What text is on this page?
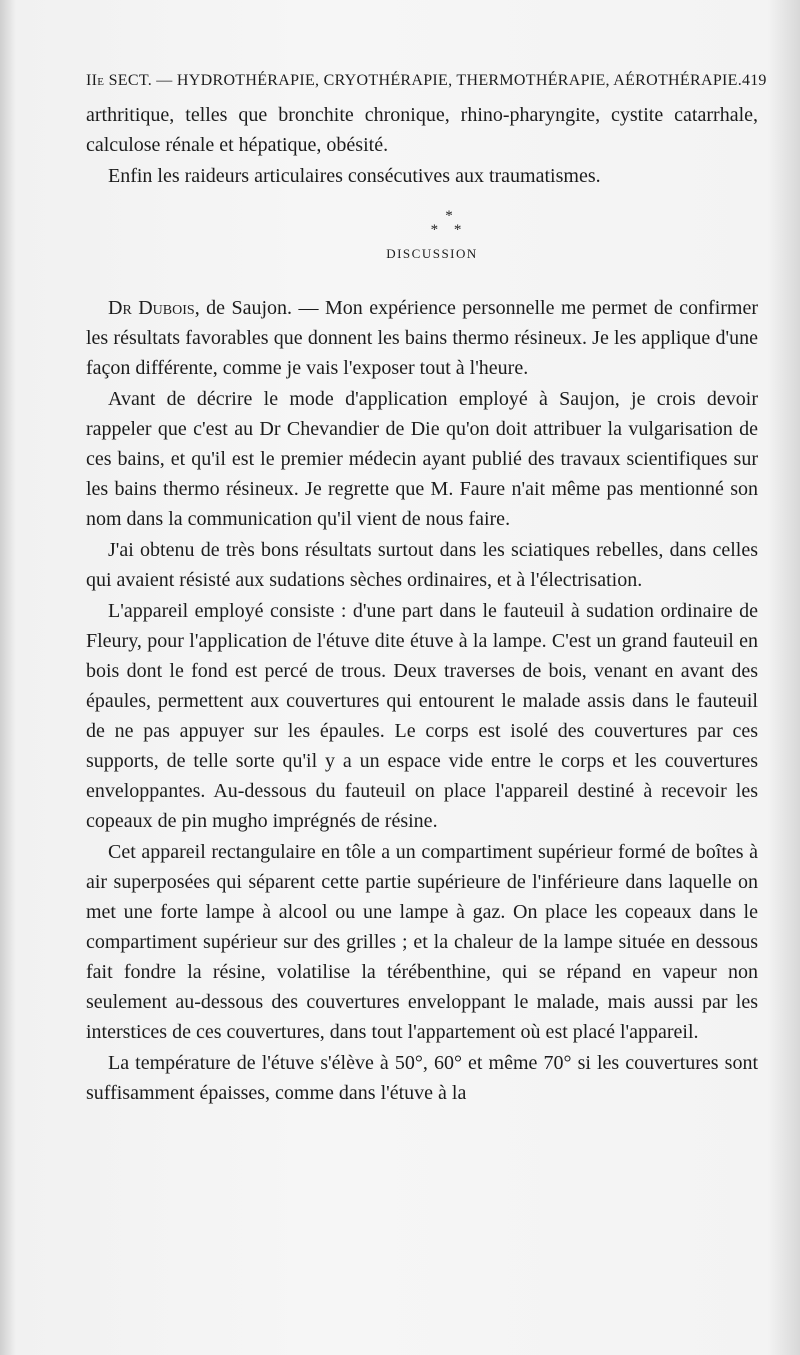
IIe SECT. — HYDROTHÉRAPIE, CRYOTHÉRAPIE, THERMOTHÉRAPIE, AÉROTHÉRAPIE. 419

arthritique, telles que bronchite chronique, rhino-pharyngite, cystite catarrhale, calculose rénale et hépatique, obésité.

Enfin les raideurs articulaires consécutives aux traumatismes.

*
* *
DISCUSSION

Dr Dubois, de Saujon. — Mon expérience personnelle me permet de confirmer les résultats favorables que donnent les bains thermo résineux. Je les applique d'une façon différente, comme je vais l'exposer tout à l'heure.

Avant de décrire le mode d'application employé à Saujon, je crois devoir rappeler que c'est au Dr Chevandier de Die qu'on doit attribuer la vulgarisation de ces bains, et qu'il est le premier médecin ayant publié des travaux scientifiques sur les bains thermo résineux. Je regrette que M. Faure n'ait même pas mentionné son nom dans la communication qu'il vient de nous faire.

J'ai obtenu de très bons résultats surtout dans les sciatiques rebelles, dans celles qui avaient résisté aux sudations sèches ordinaires, et à l'électrisation.

L'appareil employé consiste : d'une part dans le fauteuil à sudation ordinaire de Fleury, pour l'application de l'étuve dite étuve à la lampe. C'est un grand fauteuil en bois dont le fond est percé de trous. Deux traverses de bois, venant en avant des épaules, permettent aux couvertures qui entourent le malade assis dans le fauteuil de ne pas appuyer sur les épaules. Le corps est isolé des couvertures par ces supports, de telle sorte qu'il y a un espace vide entre le corps et les couvertures enveloppantes. Au-dessous du fauteuil on place l'appareil destiné à recevoir les copeaux de pin mugho imprégnés de résine.

Cet appareil rectangulaire en tôle a un compartiment supérieur formé de boîtes à air superposées qui séparent cette partie supérieure de l'inférieure dans laquelle on met une forte lampe à alcool ou une lampe à gaz. On place les copeaux dans le compartiment supérieur sur des grilles ; et la chaleur de la lampe située en dessous fait fondre la résine, volatilise la térébenthine, qui se répand en vapeur non seulement au-dessous des couvertures enveloppant le malade, mais aussi par les interstices de ces couvertures, dans tout l'appartement où est placé l'appareil.

La température de l'étuve s'élève à 50°, 60° et même 70° si les couvertures sont suffisamment épaisses, comme dans l'étuve à la
